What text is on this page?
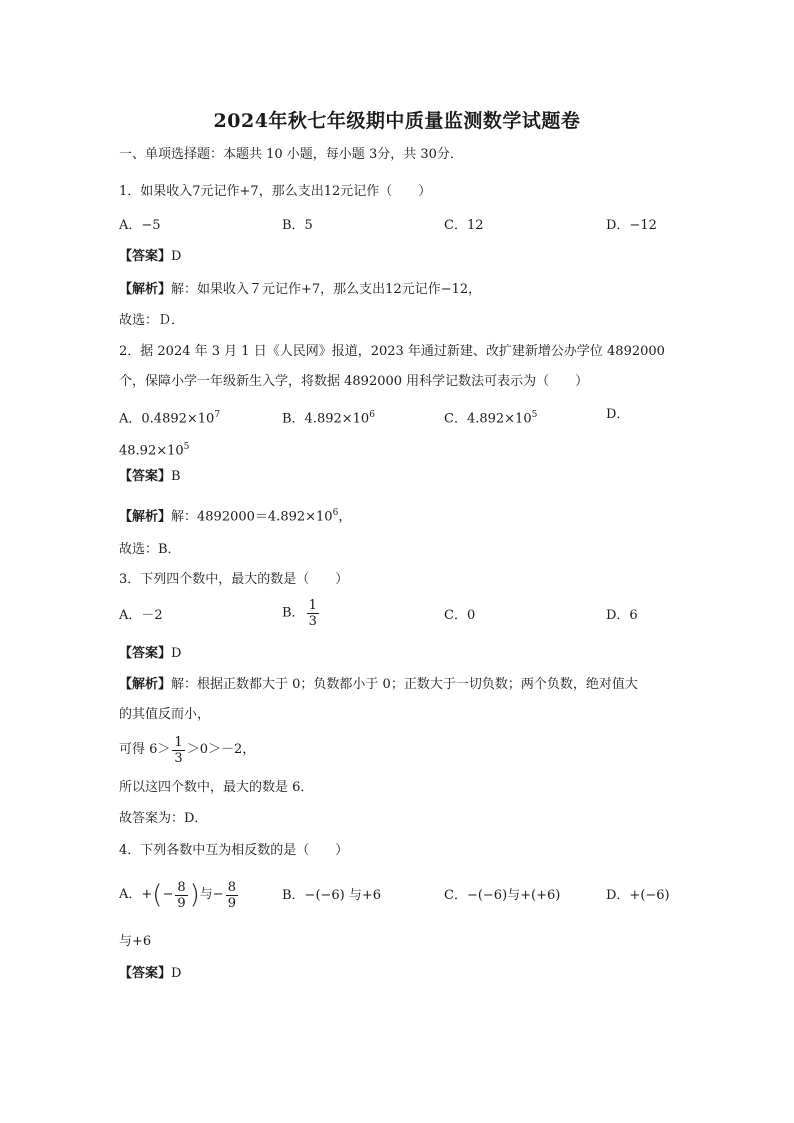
2024年秋七年级期中质量监测数学试题卷
一、单项选择题：本题共 10 小题，每小题 3分，共 30分．
1．如果收入7元记作+7，那么支出12元记作（　　）
A．−5	B．5	C．12	D．−12
【答案】D
【解析】解：如果收入７元记作+7，那么支出12元记作−12，
故选：Ｄ．
2．据 2024 年 3 月 1 日《人民网》报道，2023 年通过新建、改扩建新增公办学位 4892000
个，保障小学一年级新生入学，将数据 4892000 用科学记数法可表示为（　　）
A．$0.4892\times 10^7$	B．$4.892\times 10^6$	C．$4.892\times 10^5$	D．
$48.92\times 10^5$
【答案】B
【解析】解：$4892000=4.892\times 10^6$，
故选：B．
3．下列四个数中，最大的数是（　　）
A．－2	B． $\frac{1}{3}$	C．0	D．6
【答案】D
【解析】解：根据正数都大于 0；负数都小于 0；正数大于一切负数；两个负数，绝对值大
的其值反而小，
可得 $6> \frac{1}{3} >0>-2$，
所以这四个数中，最大的数是 6．
故答案为：D．
4．下列各数中互为相反数的是（　　）
A．+(− $\frac{8}{9}$ )与− $\frac{8}{9}$	B．−(−6) 与+6	C．−(−6)与+(+6)	D．+(−6)
与+6
【答案】D
